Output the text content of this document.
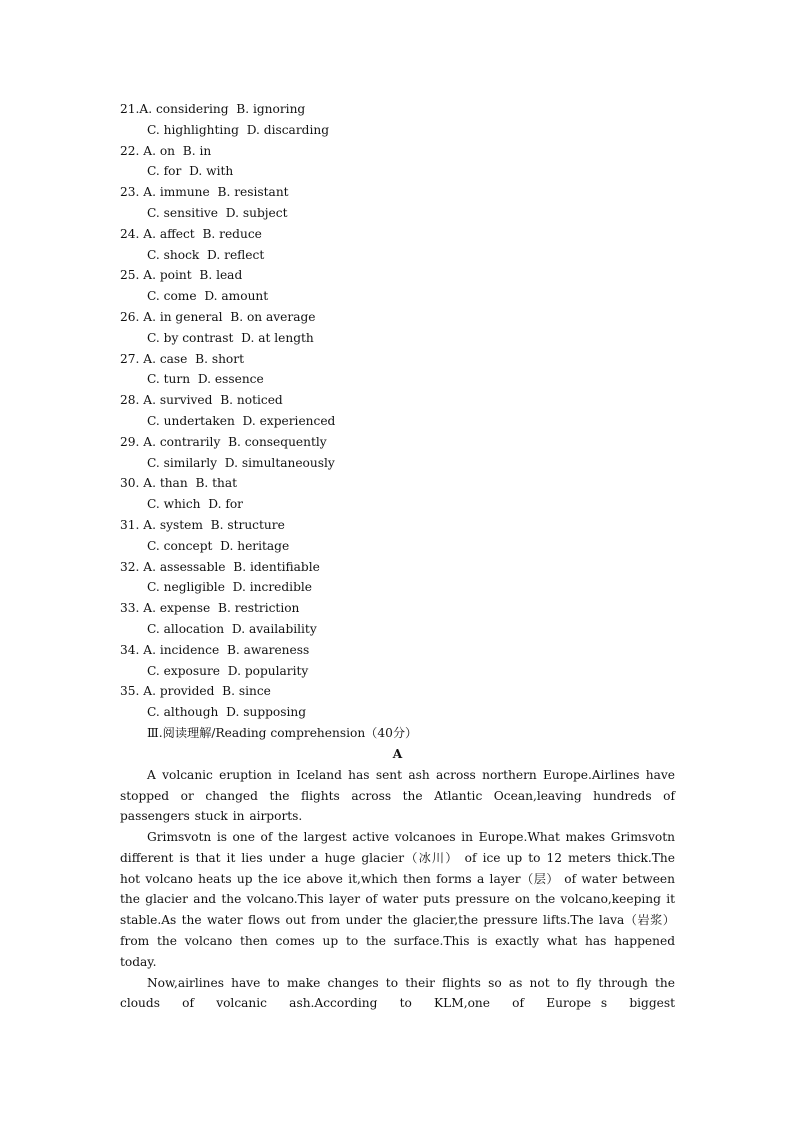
21.A. considering B. ignoring
C. highlighting D. discarding
22. A. on B. in
C. for D. with
23. A. immune B. resistant
C. sensitive D. subject
24. A. affect B. reduce
C. shock D. reflect
25. A. point B. lead
C. come D. amount
26. A. in general B. on average
C. by contrast D. at length
27. A. case B. short
C. turn D. essence
28. A. survived B. noticed
C. undertaken D. experienced
29. A. contrarily B. consequently
C. similarly D. simultaneously
30. A. than B. that
C. which D. for
31. A. system B. structure
C. concept D. heritage
32. A. assessable B. identifiable
C. negligible D. incredible
33. A. expense B. restriction
C. allocation D. availability
34. A. incidence B. awareness
C. exposure D. popularity
35. A. provided B. since
C. although D. supposing
Ⅲ.阅读理解/Reading comprehension（40分）
A

A volcanic eruption in Iceland has sent ash across northern Europe.Airlines have stopped or changed the flights across the Atlantic Ocean,leaving hundreds of passengers stuck in airports.

Grimsvotn is one of the largest active volcanoes in Europe.What makes Grimsvotn different is that it lies under a huge glacier（冰川） of ice up to 12 meters thick.The hot volcano heats up the ice above it,which then forms a layer（层） of water between the glacier and the volcano.This layer of water puts pressure on the volcano,keeping it stable.As the water flows out from under the glacier,the pressure lifts.The lava（岩浆） from the volcano then comes up to the surface.This is exactly what has happened today.

Now,airlines have to make changes to their flights so as not to fly through the clouds of volcanic ash.According to KLM,one of Europes biggest
